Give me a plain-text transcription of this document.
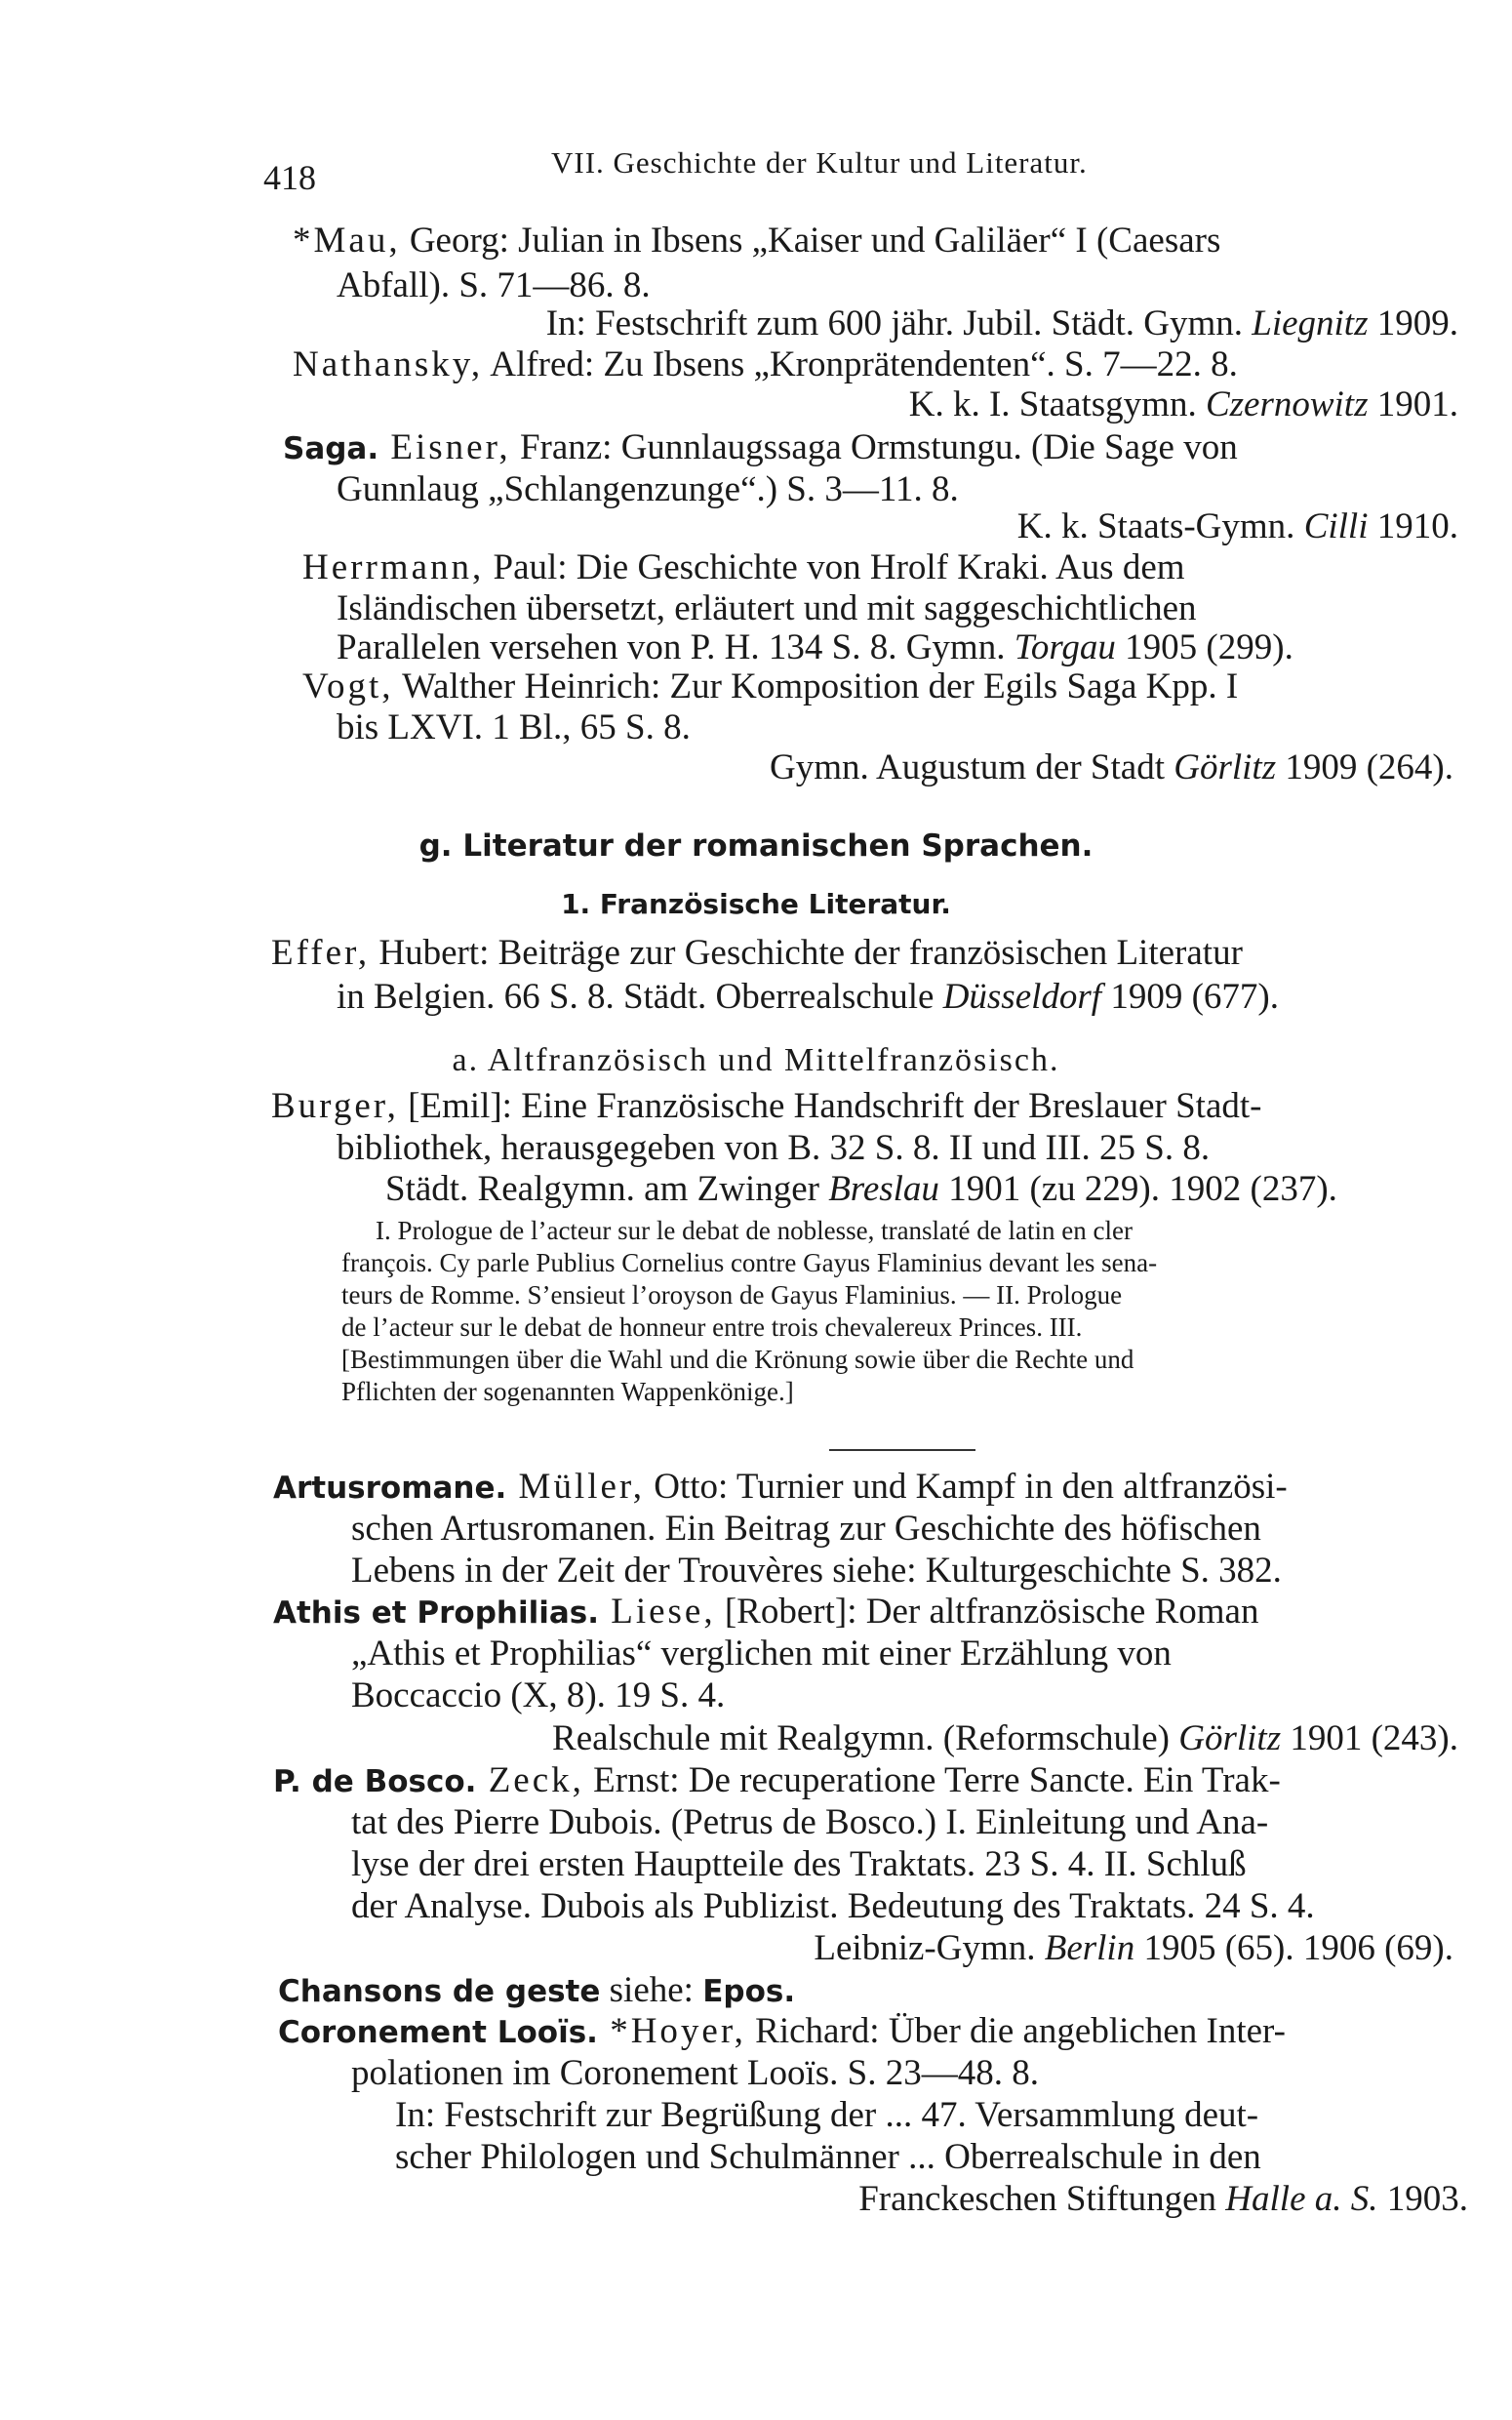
418	VII. Geschichte der Kultur und Literatur.
*Mau, Georg: Julian in Ibsens „Kaiser und Galiläer“ I (Caesars
Abfall). S. 71—86. 8.
In: Festschrift zum 600 jähr. Jubil. Städt. Gymn. Liegnitz 1909.
Nathansky, Alfred: Zu Ibsens „Kronprätendenten“. S. 7—22. 8.
K. k. I. Staatsgymn. Czernowitz 1901.
Saga. Eisner, Franz: Gunnlaugssaga Ormstungu. (Die Sage von
Gunnlaug „Schlangenzunge“.) S. 3—11. 8.
K. k. Staats-Gymn. Cilli 1910.
Herrmann, Paul: Die Geschichte von Hrolf Kraki. Aus dem
Isländischen übersetzt, erläutert und mit saggeschichtlichen
Parallelen versehen von P. H. 134 S. 8. Gymn. Torgau 1905 (299).
Vogt, Walther Heinrich: Zur Komposition der Egils Saga Kpp. I
bis LXVI. 1 Bl., 65 S. 8.
Gymn. Augustum der Stadt Görlitz 1909 (264).
g. Literatur der romanischen Sprachen.
1. Französische Literatur.
Effer, Hubert: Beiträge zur Geschichte der französischen Literatur
in Belgien. 66 S. 8. Städt. Oberrealschule Düsseldorf 1909 (677).
a. Altfranzösisch und Mittelfranzösisch.
Burger, [Emil]: Eine Französische Handschrift der Breslauer Stadt-
bibliothek, herausgegeben von B. 32 S. 8. II und III. 25 S. 8.
Städt. Realgymn. am Zwinger Breslau 1901 (zu 229). 1902 (237).
I. Prologue de l’acteur sur le debat de noblesse, translaté de latin en cler
françois. Cy parle Publius Cornelius contre Gayus Flaminius devant les sena-
teurs de Romme. S’ensieut l’oroyson de Gayus Flaminius. — II. Prologue
de l’acteur sur le debat de honneur entre trois chevalereux Princes. III.
[Bestimmungen über die Wahl und die Krönung sowie über die Rechte und
Pflichten der sogenannten Wappenkönige.]
Artusromane. Müller, Otto: Turnier und Kampf in den altfranzösi-
schen Artusromanen. Ein Beitrag zur Geschichte des höfischen
Lebens in der Zeit der Trouvères siehe: Kulturgeschichte S. 382.
Athis et Prophilias. Liese, [Robert]: Der altfranzösische Roman
„Athis et Prophilias“ verglichen mit einer Erzählung von
Boccaccio (X, 8). 19 S. 4.
Realschule mit Realgymn. (Reformschule) Görlitz 1901 (243).
P. de Bosco. Zeck, Ernst: De recuperatione Terre Sancte. Ein Trak-
tat des Pierre Dubois. (Petrus de Bosco.) I. Einleitung und Ana-
lyse der drei ersten Hauptteile des Traktats. 23 S. 4. II. Schluß
der Analyse. Dubois als Publizist. Bedeutung des Traktats. 24 S. 4.
Leibniz-Gymn. Berlin 1905 (65). 1906 (69).
Chansons de geste siehe: Epos.
Coronement Looïs. *Hoyer, Richard: Über die angeblichen Inter-
polationen im Coronement Looïs. S. 23—48. 8.
In: Festschrift zur Begrüßung der ... 47. Versammlung deut-
scher Philologen und Schulmänner ... Oberrealschule in den
Franckeschen Stiftungen Halle a. S. 1903.
